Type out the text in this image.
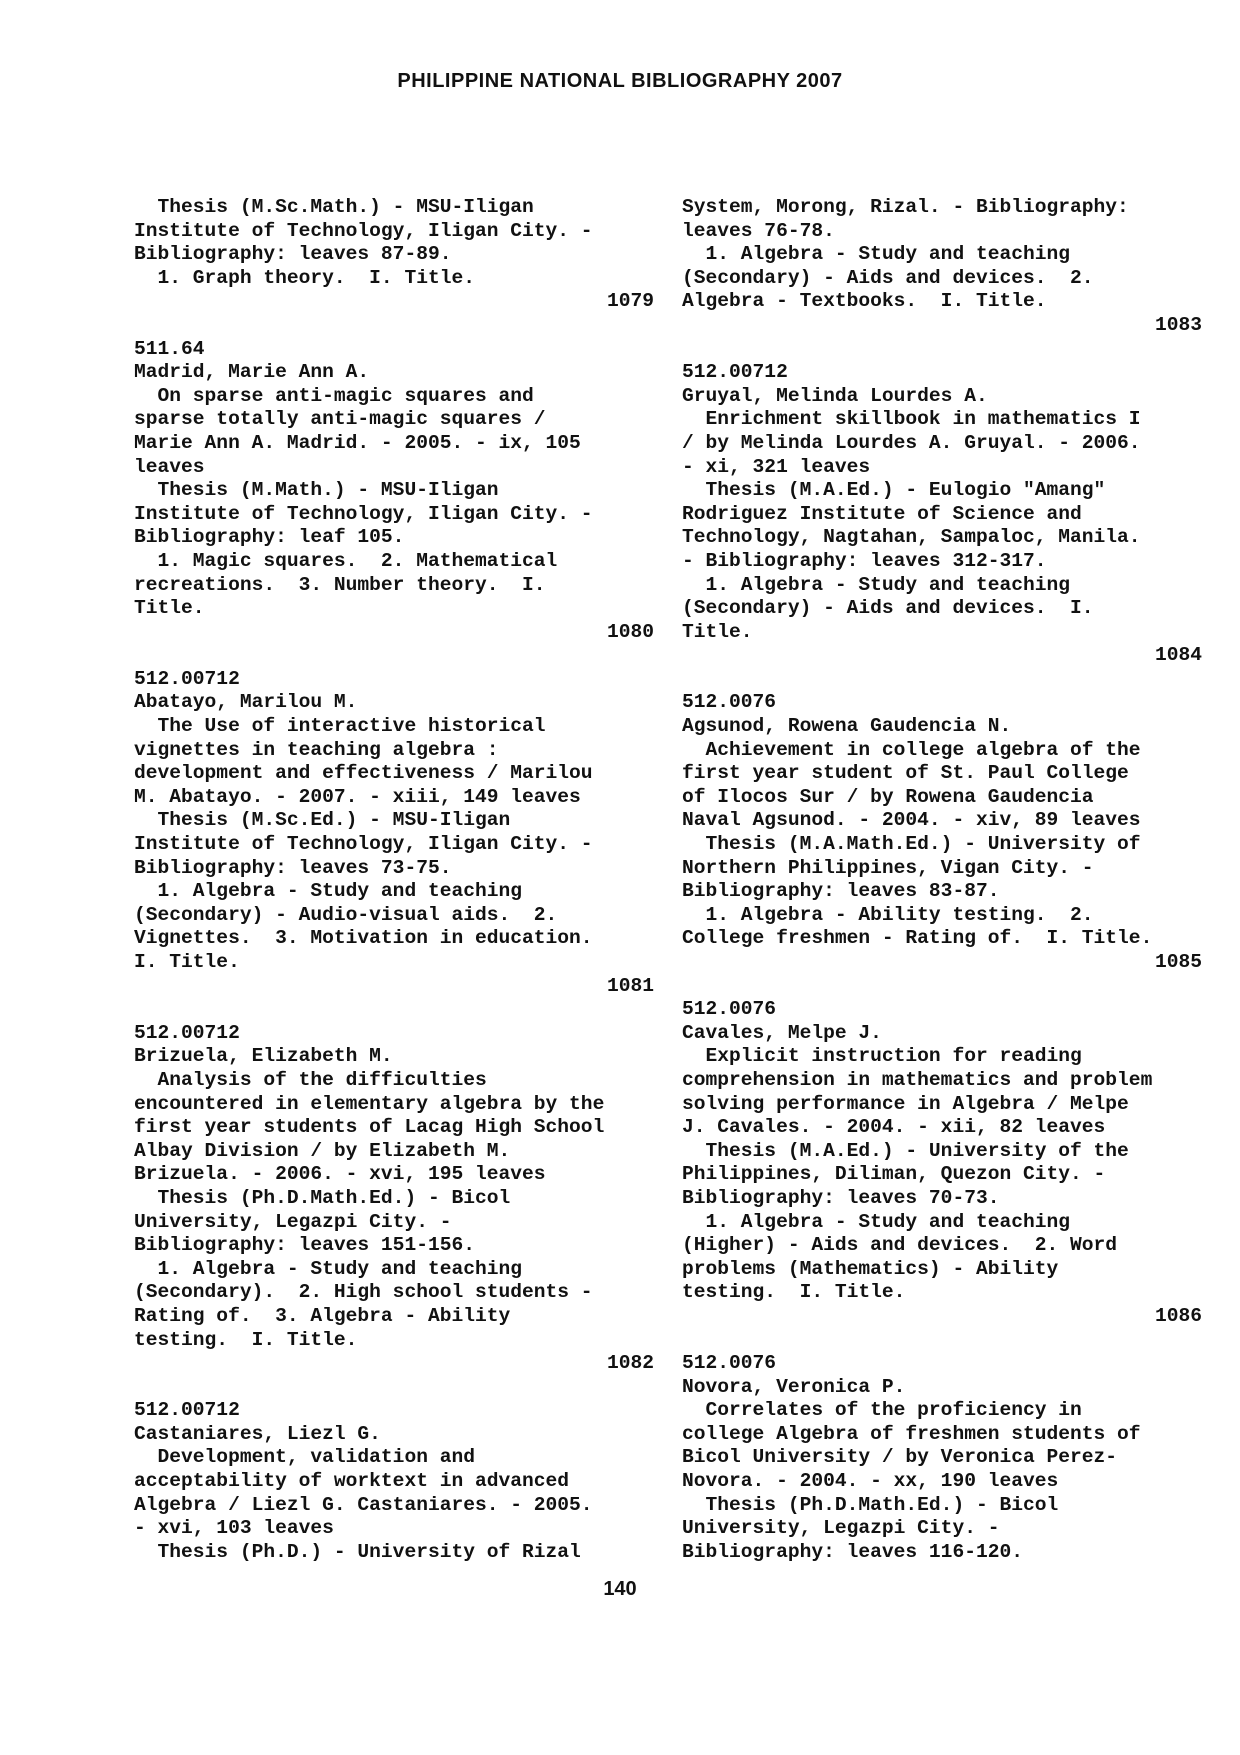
PHILIPPINE NATIONAL BIBLIOGRAPHY 2007
Thesis (M.Sc.Math.) - MSU-Iligan
Institute of Technology, Iligan City. -
Bibliography: leaves 87-89.
1. Graph theory.  I. Title.
1079
511.64
Madrid, Marie Ann A.
On sparse anti-magic squares and
sparse totally anti-magic squares /
Marie Ann A. Madrid. - 2005. - ix, 105
leaves
Thesis (M.Math.) - MSU-Iligan
Institute of Technology, Iligan City. -
Bibliography: leaf 105.
1. Magic squares.  2. Mathematical
recreations.  3. Number theory.  I.
Title.
1080
512.00712
Abatayo, Marilou M.
The Use of interactive historical
vignettes in teaching algebra :
development and effectiveness / Marilou
M. Abatayo. - 2007. - xiii, 149 leaves
Thesis (M.Sc.Ed.) - MSU-Iligan
Institute of Technology, Iligan City. -
Bibliography: leaves 73-75.
1. Algebra - Study and teaching
(Secondary) - Audio-visual aids.  2.
Vignettes.  3. Motivation in education.
I. Title.
1081
512.00712
Brizuela, Elizabeth M.
Analysis of the difficulties
encountered in elementary algebra by the
first year students of Lacag High School
Albay Division / by Elizabeth M.
Brizuela. - 2006. - xvi, 195 leaves
Thesis (Ph.D.Math.Ed.) - Bicol
University, Legazpi City. -
Bibliography: leaves 151-156.
1. Algebra - Study and teaching
(Secondary).  2. High school students -
Rating of.  3. Algebra - Ability
testing.  I. Title.
1082
512.00712
Castaniares, Liezl G.
Development, validation and
acceptability of worktext in advanced
Algebra / Liezl G. Castaniares. - 2005.
- xvi, 103 leaves
Thesis (Ph.D.) - University of Rizal
System, Morong, Rizal. - Bibliography:
leaves 76-78.
1. Algebra - Study and teaching
(Secondary) - Aids and devices.  2.
Algebra - Textbooks.  I. Title.
1083
512.00712
Gruyal, Melinda Lourdes A.
Enrichment skillbook in mathematics I
/ by Melinda Lourdes A. Gruyal. - 2006.
- xi, 321 leaves
Thesis (M.A.Ed.) - Eulogio "Amang"
Rodriguez Institute of Science and
Technology, Nagtahan, Sampaloc, Manila.
- Bibliography: leaves 312-317.
1. Algebra - Study and teaching
(Secondary) - Aids and devices.  I.
Title.
1084
512.0076
Agsunod, Rowena Gaudencia N.
Achievement in college algebra of the
first year student of St. Paul College
of Ilocos Sur / by Rowena Gaudencia
Naval Agsunod. - 2004. - xiv, 89 leaves
Thesis (M.A.Math.Ed.) - University of
Northern Philippines, Vigan City. -
Bibliography: leaves 83-87.
1. Algebra - Ability testing.  2.
College freshmen - Rating of.  I. Title.
1085
512.0076
Cavales, Melpe J.
Explicit instruction for reading
comprehension in mathematics and problem
solving performance in Algebra / Melpe
J. Cavales. - 2004. - xii, 82 leaves
Thesis (M.A.Ed.) - University of the
Philippines, Diliman, Quezon City. -
Bibliography: leaves 70-73.
1. Algebra - Study and teaching
(Higher) - Aids and devices.  2. Word
problems (Mathematics) - Ability
testing.  I. Title.
1086
512.0076
Novora, Veronica P.
Correlates of the proficiency in
college Algebra of freshmen students of
Bicol University / by Veronica Perez-
Novora. - 2004. - xx, 190 leaves
Thesis (Ph.D.Math.Ed.) - Bicol
University, Legazpi City. -
Bibliography: leaves 116-120.
140
